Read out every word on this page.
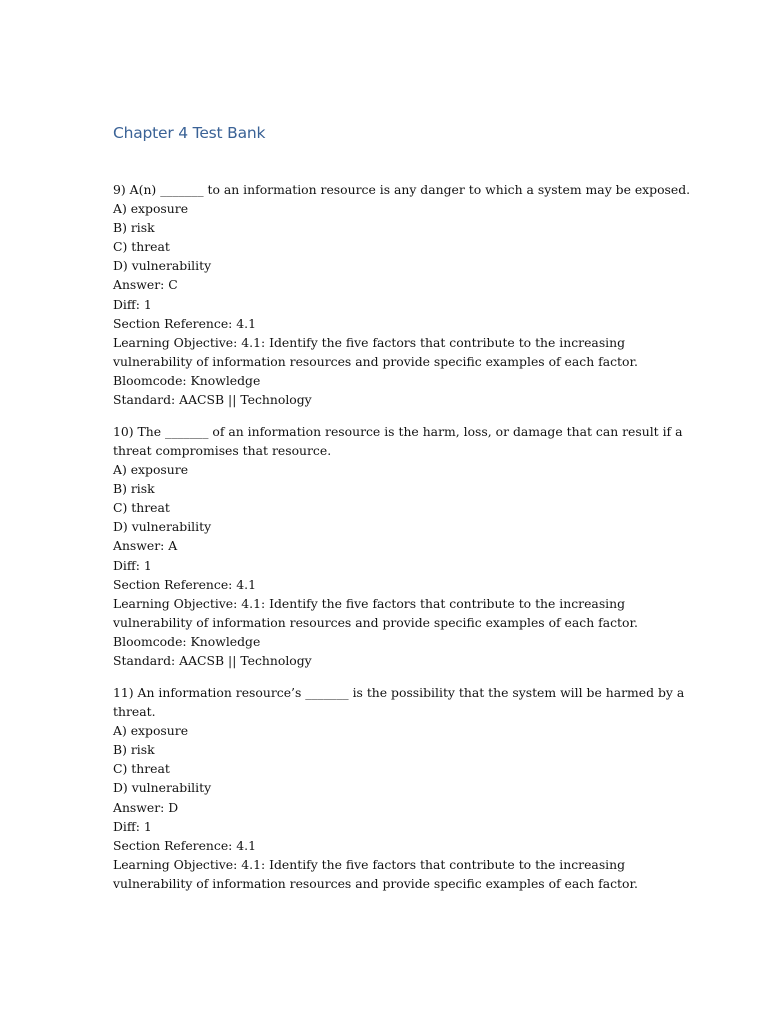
Chapter 4 Test Bank
9) A(n) _______ to an information resource is any danger to which a system may be exposed.
A) exposure
B) risk
C) threat
D) vulnerability
Answer: C
Diff: 1
Section Reference: 4.1
Learning Objective: 4.1: Identify the five factors that contribute to the increasing
vulnerability of information resources and provide specific examples of each factor.
Bloomcode: Knowledge
Standard: AACSB || Technology
10) The _______ of an information resource is the harm, loss, or damage that can result if a
threat compromises that resource.
A) exposure
B) risk
C) threat
D) vulnerability
Answer: A
Diff: 1
Section Reference: 4.1
Learning Objective: 4.1: Identify the five factors that contribute to the increasing
vulnerability of information resources and provide specific examples of each factor.
Bloomcode: Knowledge
Standard: AACSB || Technology
11) An information resource’s _______ is the possibility that the system will be harmed by a
threat.
A) exposure
B) risk
C) threat
D) vulnerability
Answer: D
Diff: 1
Section Reference: 4.1
Learning Objective: 4.1: Identify the five factors that contribute to the increasing
vulnerability of information resources and provide specific examples of each factor.
